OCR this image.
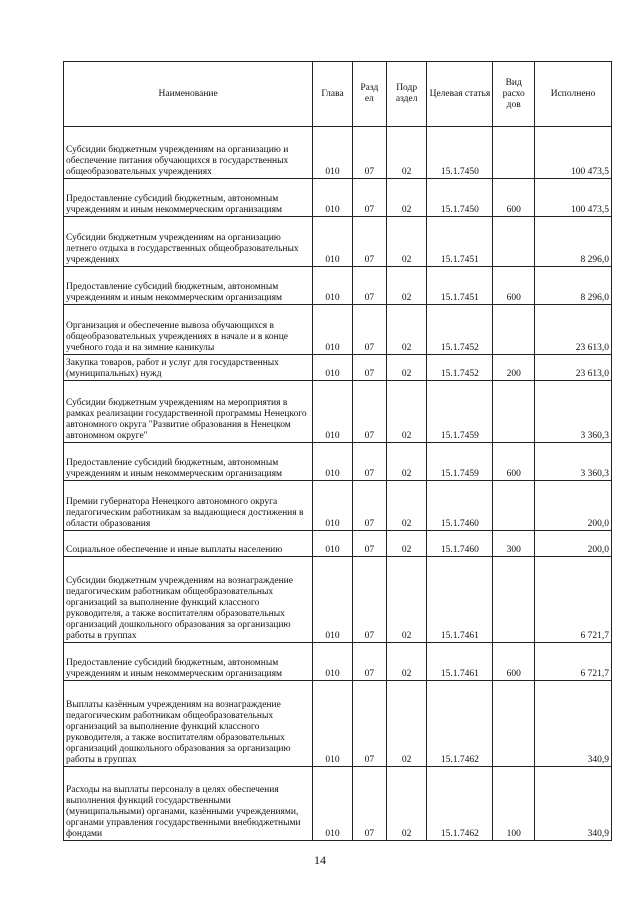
Наименование	Глава	Разд ел	Подр аздел	Целевая статья	Вид расхо дов	Исполнено
Субсидии бюджетным учреждениям на организацию и обеспечение питания обучающихся в государственных общеобразовательных учреждениях	010	07	02	15.1.7450		100 473,5
Предоставление субсидий бюджетным, автономным учреждениям и иным некоммерческим организациям	010	07	02	15.1.7450	600	100 473,5
Субсидии бюджетным учреждениям на организацию летнего отдыха в государственных общеобразовательных учреждениях	010	07	02	15.1.7451		8 296,0
Предоставление субсидий бюджетным, автономным учреждениям и иным некоммерческим организациям	010	07	02	15.1.7451	600	8 296,0
Организация и обеспечение вывоза обучающихся в общеобразовательных учреждениях в начале и в конце учебного года и на зимние каникулы	010	07	02	15.1.7452		23 613,0
Закупка товаров, работ и услуг для государственных (муниципальных) нужд	010	07	02	15.1.7452	200	23 613,0
Субсидии бюджетным учреждениям на мероприятия в рамках реализации государственной программы Ненецкого автономного округа "Развитие образования в Ненецком автономном округе"	010	07	02	15.1.7459		3 360,3
Предоставление субсидий бюджетным, автономным учреждениям и иным некоммерческим организациям	010	07	02	15.1.7459	600	3 360,3
Премии губернатора Ненецкого автономного округа педагогическим работникам за выдающиеся достижения в области образования	010	07	02	15.1.7460		200,0
Социальное обеспечение и иные выплаты населению	010	07	02	15.1.7460	300	200,0
Субсидии бюджетным учреждениям на вознаграждение педагогическим работникам общеобразовательных организаций за выполнение функций классного руководителя, а также воспитателям образовательных организаций дошкольного образования за организацию работы в группах	010	07	02	15.1.7461		6 721,7
Предоставление субсидий бюджетным, автономным учреждениям и иным некоммерческим организациям	010	07	02	15.1.7461	600	6 721,7
Выплаты казённым учреждениям на вознаграждение педагогическим работникам общеобразовательных организаций за выполнение функций классного руководителя, а также воспитателям образовательных организаций дошкольного образования за организацию работы в группах	010	07	02	15.1.7462		340,9
Расходы на выплаты персоналу в целях обеспечения выполнения функций государственными (муниципальными) органами, казёнными учреждениями, органами управления государственными внебюджетными фондами	010	07	02	15.1.7462	100	340,9
14
